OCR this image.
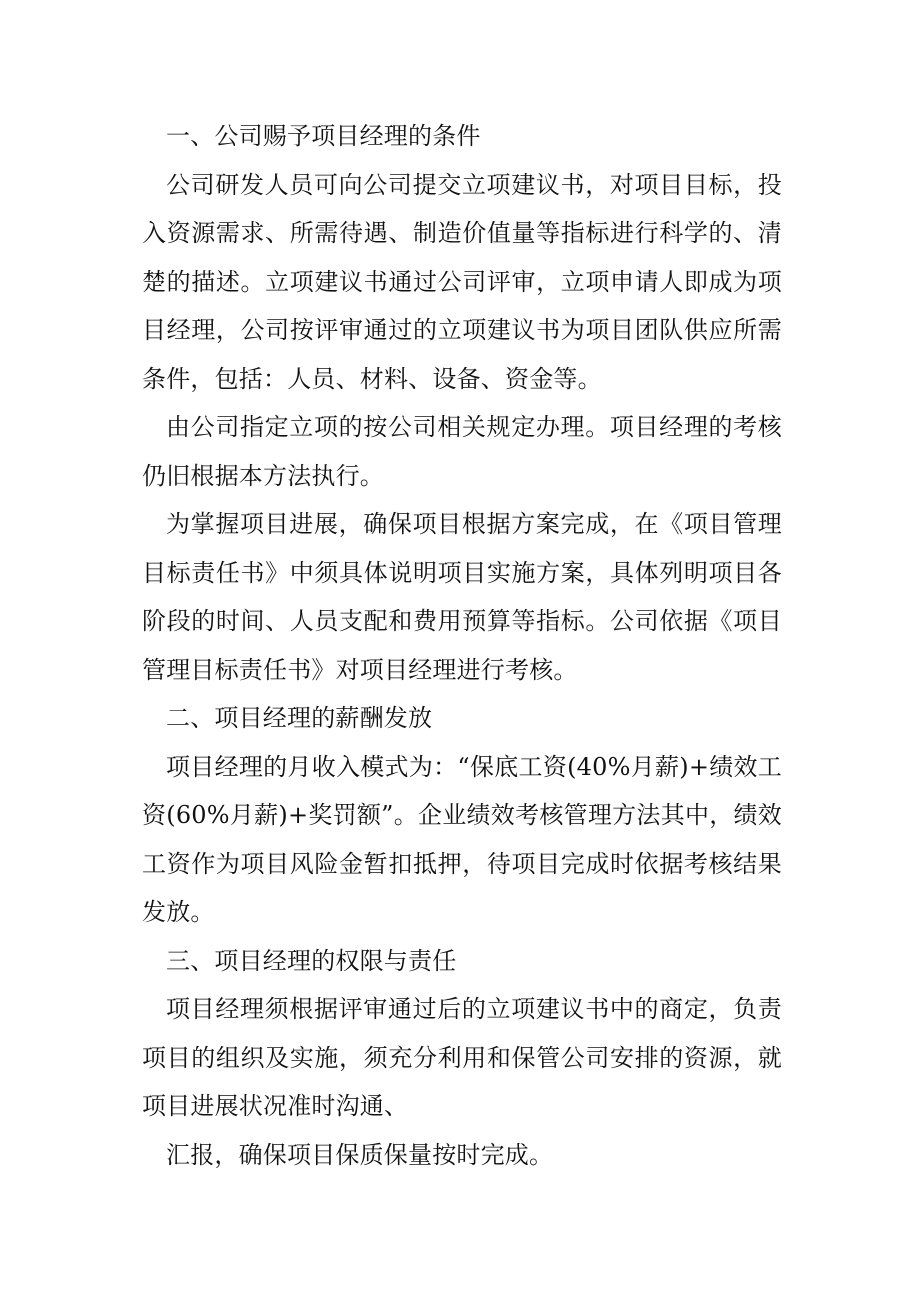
一、公司赐予项目经理的条件

公司研发人员可向公司提交立项建议书，对项目目标，投入资源需求、所需待遇、制造价值量等指标进行科学的、清楚的描述。立项建议书通过公司评审，立项申请人即成为项目经理，公司按评审通过的立项建议书为项目团队供应所需条件，包括：人员、材料、设备、资金等。

由公司指定立项的按公司相关规定办理。项目经理的考核仍旧根据本方法执行。

为掌握项目进展，确保项目根据方案完成，在《项目管理目标责任书》中须具体说明项目实施方案，具体列明项目各阶段的时间、人员支配和费用预算等指标。公司依据《项目管理目标责任书》对项目经理进行考核。

二、项目经理的薪酬发放

项目经理的月收入模式为：“保底工资(40%月薪)+绩效工资(60%月薪)+奖罚额”。企业绩效考核管理方法其中，绩效工资作为项目风险金暂扣抵押，待项目完成时依据考核结果发放。

三、项目经理的权限与责任

项目经理须根据评审通过后的立项建议书中的商定，负责项目的组织及实施，须充分利用和保管公司安排的资源，就项目进展状况准时沟通、

汇报，确保项目保质保量按时完成。
